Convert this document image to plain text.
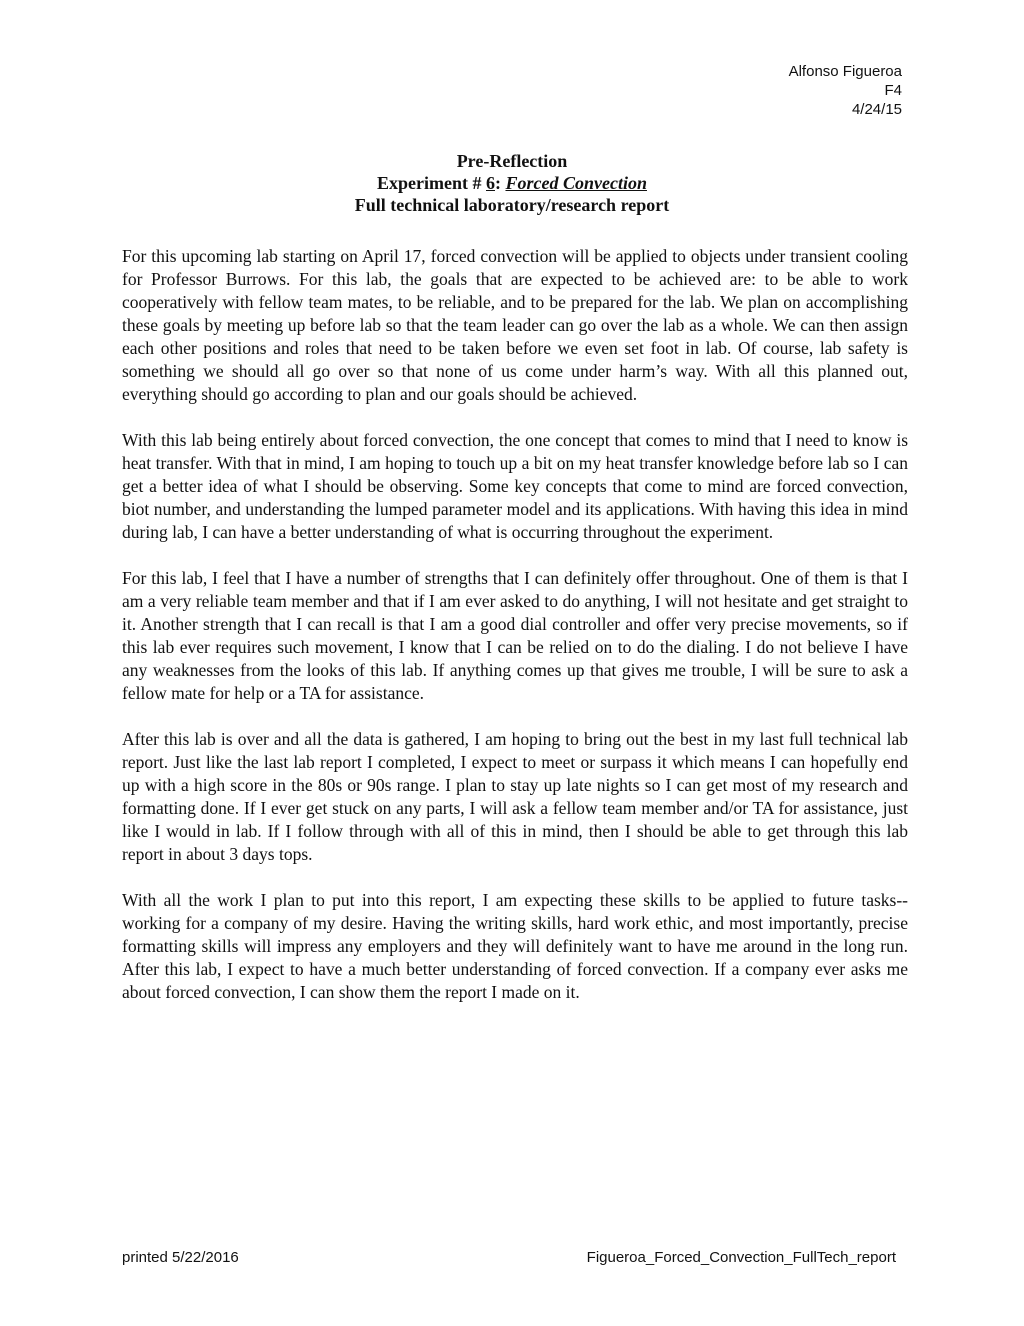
Alfonso Figueroa
F4
4/24/15
Pre-Reflection
Experiment # 6: Forced Convection
Full technical laboratory/research report

For this upcoming lab starting on April 17, forced convection will be applied to objects under transient cooling for Professor Burrows. For this lab, the goals that are expected to be achieved are: to be able to work cooperatively with fellow team mates, to be reliable, and to be prepared for the lab. We plan on accomplishing these goals by meeting up before lab so that the team leader can go over the lab as a whole. We can then assign each other positions and roles that need to be taken before we even set foot in lab. Of course, lab safety is something we should all go over so that none of us come under harm’s way. With all this planned out, everything should go according to plan and our goals should be achieved.

With this lab being entirely about forced convection, the one concept that comes to mind that I need to know is heat transfer. With that in mind, I am hoping to touch up a bit on my heat transfer knowledge before lab so I can get a better idea of what I should be observing. Some key concepts that come to mind are forced convection, biot number, and understanding the lumped parameter model and its applications. With having this idea in mind during lab, I can have a better understanding of what is occurring throughout the experiment.

For this lab, I feel that I have a number of strengths that I can definitely offer throughout. One of them is that I am a very reliable team member and that if I am ever asked to do anything, I will not hesitate and get straight to it. Another strength that I can recall is that I am a good dial controller and offer very precise movements, so if this lab ever requires such movement, I know that I can be relied on to do the dialing. I do not believe I have any weaknesses from the looks of this lab. If anything comes up that gives me trouble, I will be sure to ask a fellow mate for help or a TA for assistance.

After this lab is over and all the data is gathered, I am hoping to bring out the best in my last full technical lab report. Just like the last lab report I completed, I expect to meet or surpass it which means I can hopefully end up with a high score in the 80s or 90s range. I plan to stay up late nights so I can get most of my research and formatting done. If I ever get stuck on any parts, I will ask a fellow team member and/or TA for assistance, just like I would in lab. If I follow through with all of this in mind, then I should be able to get through this lab report in about 3 days tops.

With all the work I plan to put into this report, I am expecting these skills to be applied to future tasks-- working for a company of my desire. Having the writing skills, hard work ethic, and most importantly, precise formatting skills will impress any employers and they will definitely want to have me around in the long run. After this lab, I expect to have a much better understanding of forced convection. If a company ever asks me about forced convection, I can show them the report I made on it.

printed 5/22/2016	Figueroa_Forced_Convection_FullTech_report
